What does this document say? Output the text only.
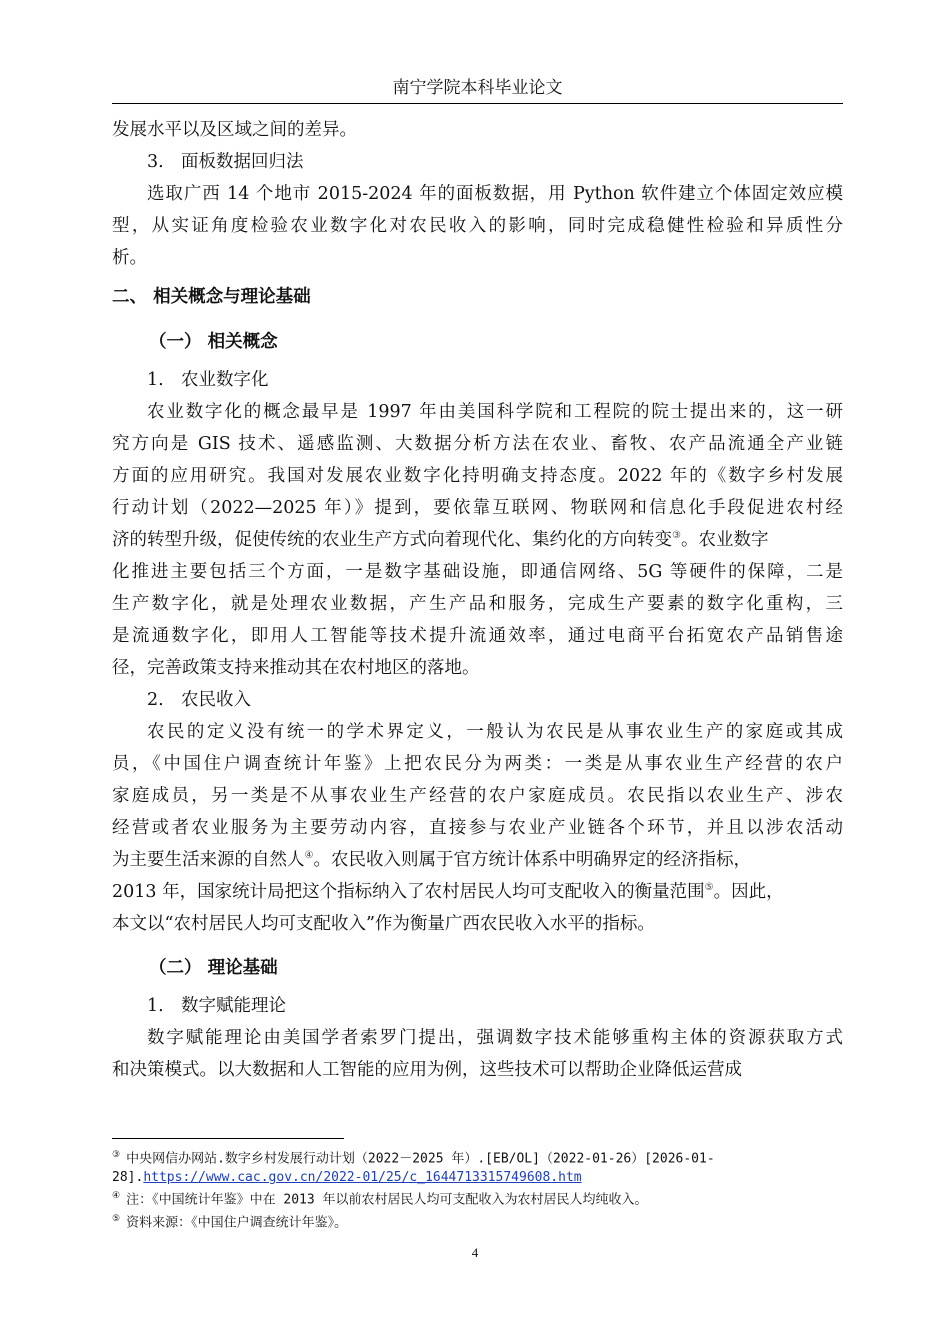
南宁学院本科毕业论文
发展水平以及区域之间的差异。
3. 面板数据回归法
选取广西 14 个地市 2015-2024 年的面板数据，用 Python 软件建立个体固定效应模
型，从实证角度检验农业数字化对农民收入的影响，同时完成稳健性检验和异质性分
析。
二、 相关概念与理论基础
（一） 相关概念
1. 农业数字化
农业数字化的概念最早是 1997 年由美国科学院和工程院的院士提出来的，这一研
究方向是 GIS 技术、遥感监测、大数据分析方法在农业、畜牧、农产品流通全产业链
方面的应用研究。我国对发展农业数字化持明确支持态度。2022 年的《数字乡村发展
行动计划（2022—2025 年）》提到，要依靠互联网、物联网和信息化手段促进农村经
济的转型升级，促使传统的农业生产方式向着现代化、集约化的方向转变③。农业数字
化推进主要包括三个方面，一是数字基础设施，即通信网络、5G 等硬件的保障，二是
生产数字化，就是处理农业数据，产生产品和服务，完成生产要素的数字化重构，三
是流通数字化，即用人工智能等技术提升流通效率，通过电商平台拓宽农产品销售途
径，完善政策支持来推动其在农村地区的落地。
2. 农民收入
农民的定义没有统一的学术界定义，一般认为农民是从事农业生产的家庭或其成
员，《中国住户调查统计年鉴》上把农民分为两类：一类是从事农业生产经营的农户
家庭成员，另一类是不从事农业生产经营的农户家庭成员。农民指以农业生产、涉农
经营或者农业服务为主要劳动内容，直接参与农业产业链各个环节，并且以涉农活动
为主要生活来源的自然人④。农民收入则属于官方统计体系中明确界定的经济指标，
2013 年，国家统计局把这个指标纳入了农村居民人均可支配收入的衡量范围⑤。因此，
本文以“农村居民人均可支配收入”作为衡量广西农民收入水平的指标。
（二） 理论基础
1. 数字赋能理论
数字赋能理论由美国学者索罗门提出，强调数字技术能够重构主体的资源获取方式
和决策模式。以大数据和人工智能的应用为例，这些技术可以帮助企业降低运营成
③ 中央网信办网站.数字乡村发展行动计划（2022－2025 年）.[EB/OL]（2022-01-26）[2026-01-
28].https://www.cac.gov.cn/2022-01/25/c_1644713315749608.htm
④ 注：《中国统计年鉴》中在 2013 年以前农村居民人均可支配收入为农村居民人均纯收入。
⑤ 资料来源：《中国住户调查统计年鉴》。
4
